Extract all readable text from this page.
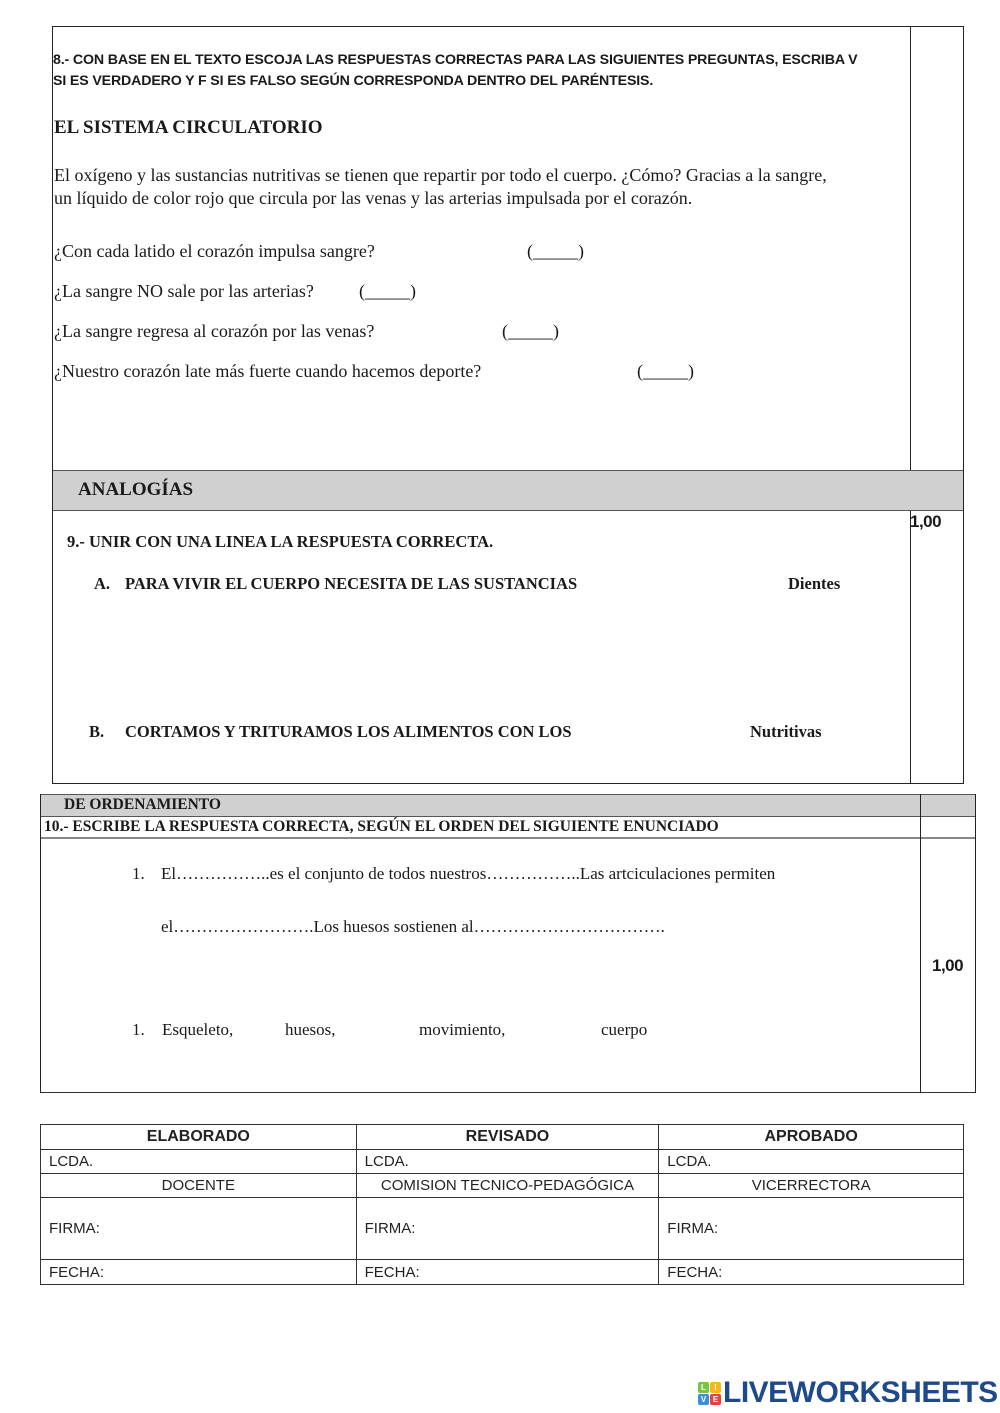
8.- CON BASE EN EL TEXTO ESCOJA LAS RESPUESTAS CORRECTAS PARA LAS SIGUIENTES PREGUNTAS, ESCRIBA V
SI ES VERDADERO Y F SI ES FALSO SEGÚN CORRESPONDA DENTRO DEL PARÉNTESIS.
EL SISTEMA CIRCULATORIO
El oxígeno y las sustancias nutritivas se tienen que repartir por todo el cuerpo. ¿Cómo? Gracias a la sangre,
un líquido de color rojo que circula por las venas y las arterias impulsada por el corazón.
¿Con cada latido el corazón impulsa sangre?	(_____)
¿La sangre NO sale por las arterias?	(_____)
¿La sangre regresa al corazón por las venas?	(_____)
¿Nuestro corazón late más fuerte cuando hacemos deporte?	(_____)
ANALOGÍAS
1,00
9.- UNIR CON UNA LINEA LA RESPUESTA CORRECTA.
A. PARA VIVIR EL CUERPO NECESITA DE LAS SUSTANCIAS	Dientes
B. CORTAMOS Y TRITURAMOS LOS ALIMENTOS CON LOS	Nutritivas
DE ORDENAMIENTO
10.- ESCRIBE LA RESPUESTA CORRECTA, SEGÚN EL ORDEN DEL SIGUIENTE ENUNCIADO
1. El……………..es el conjunto de todos nuestros……………..Las artciculaciones permiten
el…………………….Los huesos sostienen al…………………………….
1,00
1. Esqueleto,	huesos,	movimiento,	cuerpo
ELABORADO	REVISADO	APROBADO
LCDA.	LCDA.	LCDA.
DOCENTE	COMISION TECNICO-PEDAGÓGICA	VICERRECTORA
FIRMA:	FIRMA:	FIRMA:
FECHA:	FECHA:	FECHA:
L	I
V E LIVEWORKSHEETS
